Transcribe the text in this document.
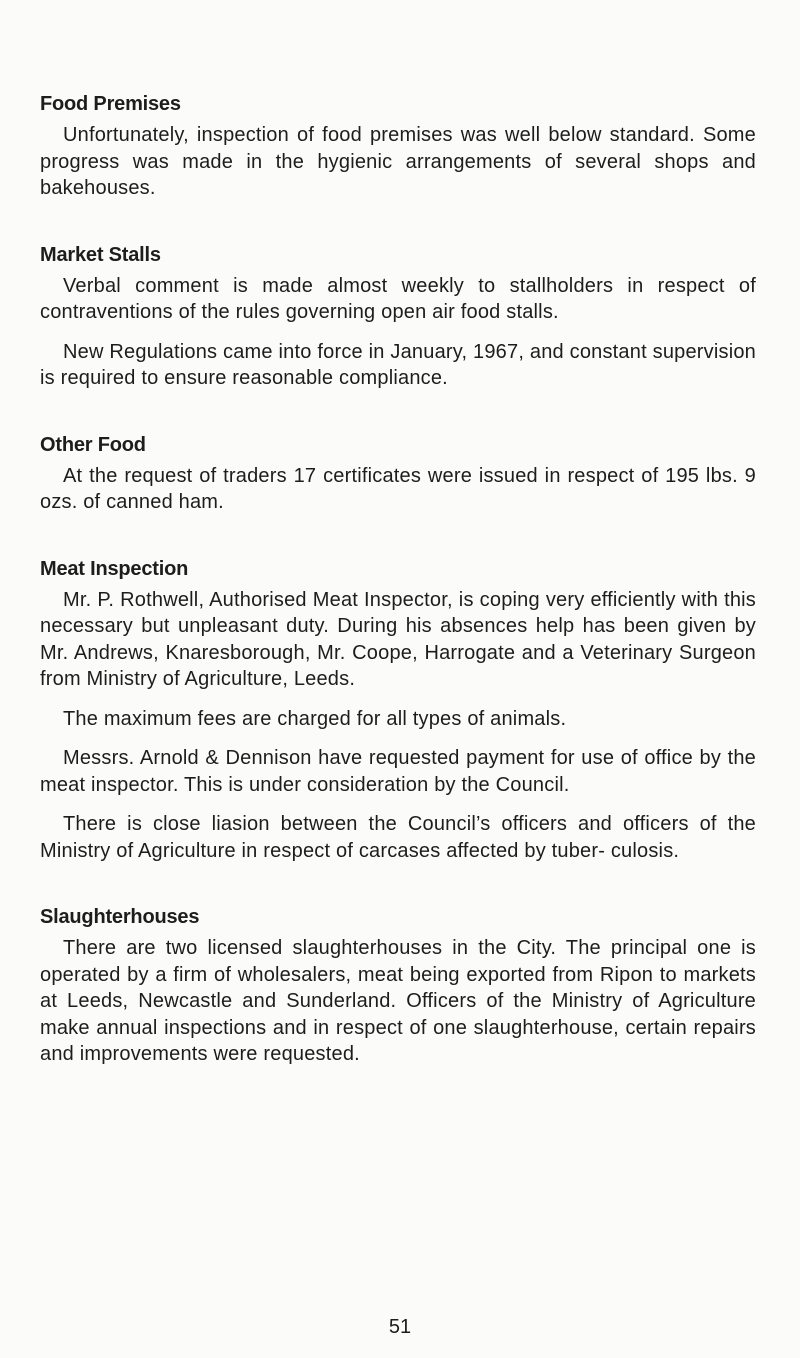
Food Premises

Unfortunately, inspection of food premises was well below standard. Some progress was made in the hygienic arrangements of several shops and bakehouses.

Market Stalls

Verbal comment is made almost weekly to stallholders in respect of contraventions of the rules governing open air food stalls.

New Regulations came into force in January, 1967, and constant supervision is required to ensure reasonable compliance.

Other Food

At the request of traders 17 certificates were issued in respect of 195 lbs. 9 ozs. of canned ham.

Meat Inspection

Mr. P. Rothwell, Authorised Meat Inspector, is coping very efficiently with this necessary but unpleasant duty. During his absences help has been given by Mr. Andrews, Knaresborough, Mr. Coope, Harrogate and a Veterinary Surgeon from Ministry of Agriculture, Leeds.

The maximum fees are charged for all types of animals.

Messrs. Arnold & Dennison have requested payment for use of office by the meat inspector. This is under consideration by the Council.

There is close liasion between the Council’s officers and officers of the Ministry of Agriculture in respect of carcases affected by tuber- culosis.

Slaughterhouses

There are two licensed slaughterhouses in the City. The principal one is operated by a firm of wholesalers, meat being exported from Ripon to markets at Leeds, Newcastle and Sunderland. Officers of the Ministry of Agriculture make annual inspections and in respect of one slaughterhouse, certain repairs and improvements were requested.

51
